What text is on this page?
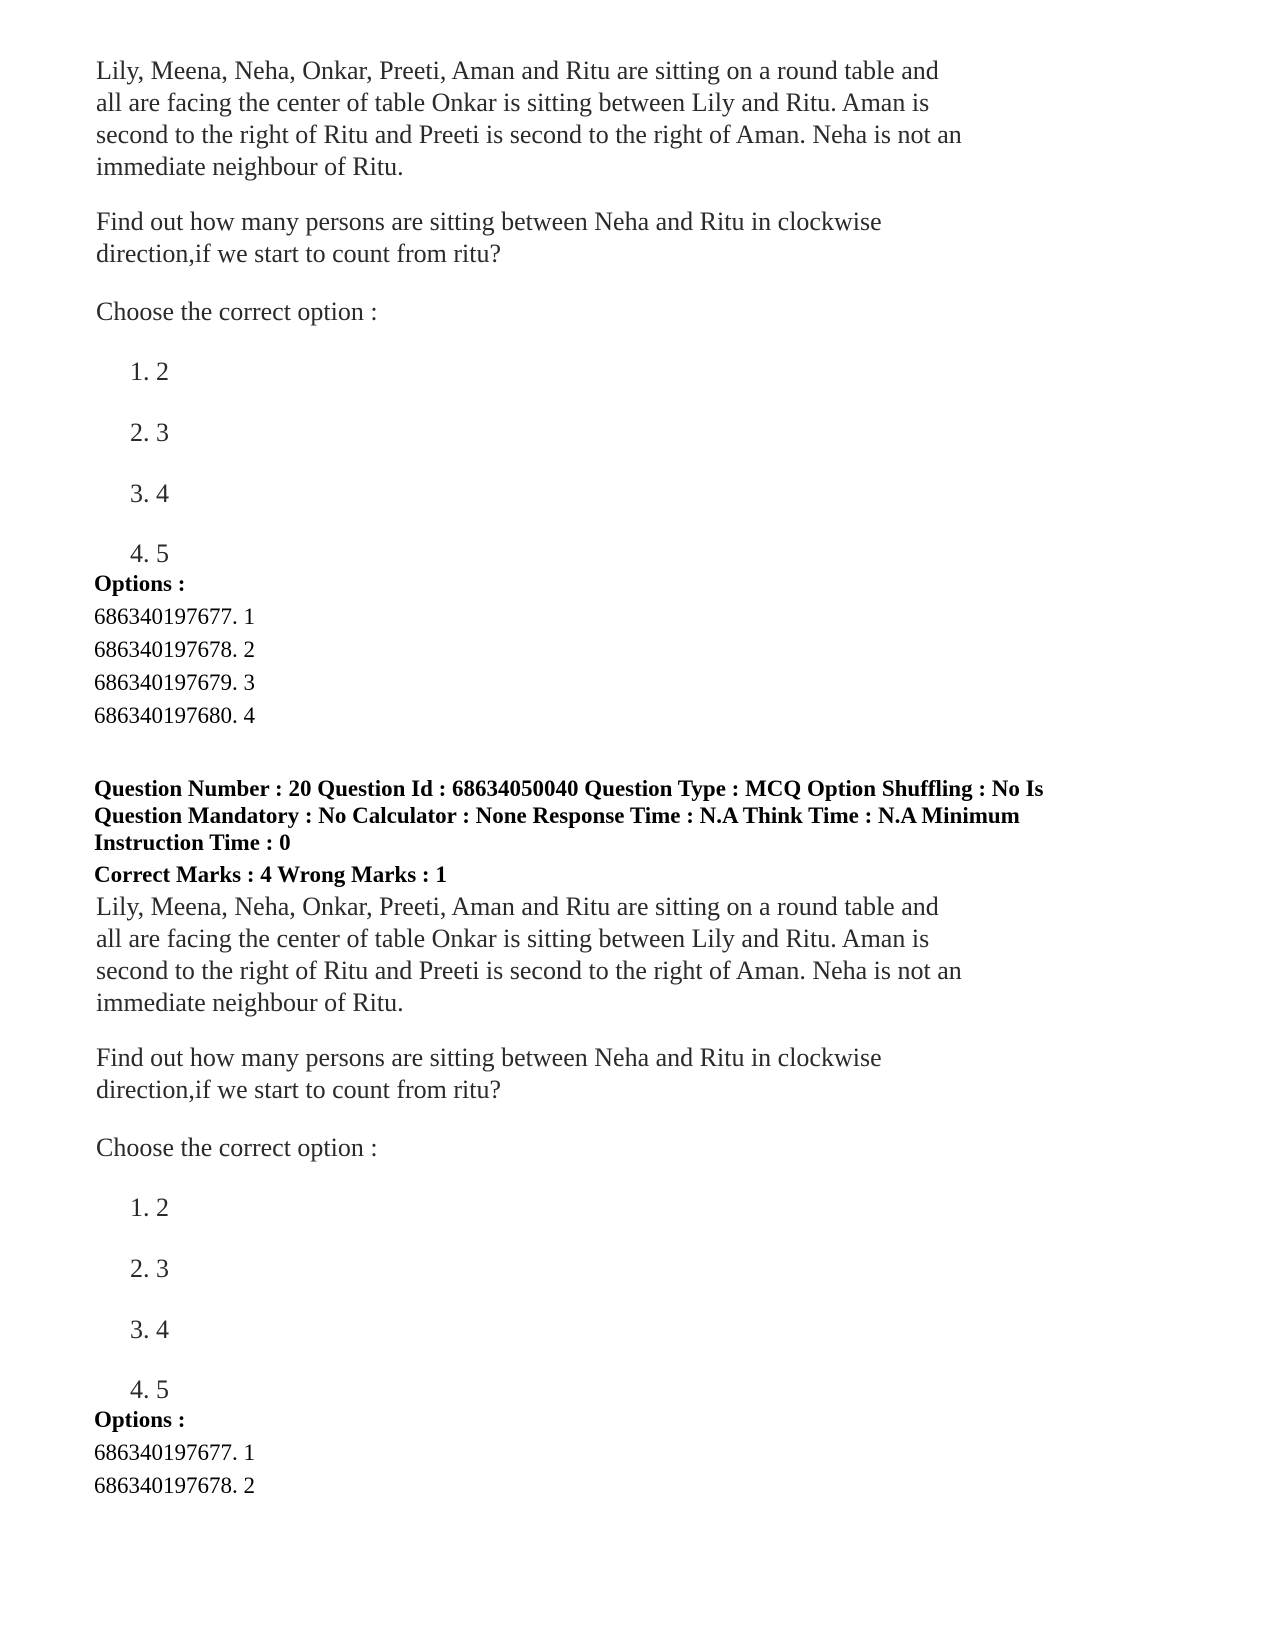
Lily, Meena, Neha, Onkar, Preeti, Aman and Ritu are sitting on a round table and

all are facing the center of table Onkar is sitting between Lily and Ritu. Aman is

second to the right of Ritu and Preeti is second to the right of Aman. Neha is not an

immediate neighbour of Ritu.

Find out how many persons are sitting between Neha and Ritu in clockwise

direction,if we start to count from ritu?

Choose the correct option :
1. 2
2. 3
3. 4
4. 5
Options :
686340197677. 1
686340197678. 2
686340197679. 3
686340197680. 4
Question Number : 20 Question Id : 68634050040 Question Type : MCQ Option Shuffling : No Is
Question Mandatory : No Calculator : None Response Time : N.A Think Time : N.A Minimum
Instruction Time : 0
Correct Marks : 4 Wrong Marks : 1

Lily, Meena, Neha, Onkar, Preeti, Aman and Ritu are sitting on a round table and

all are facing the center of table Onkar is sitting between Lily and Ritu. Aman is

second to the right of Ritu and Preeti is second to the right of Aman. Neha is not an

immediate neighbour of Ritu.

Find out how many persons are sitting between Neha and Ritu in clockwise

direction,if we start to count from ritu?

Choose the correct option :
1. 2
2. 3
3. 4
4. 5
Options :
686340197677. 1
686340197678. 2
